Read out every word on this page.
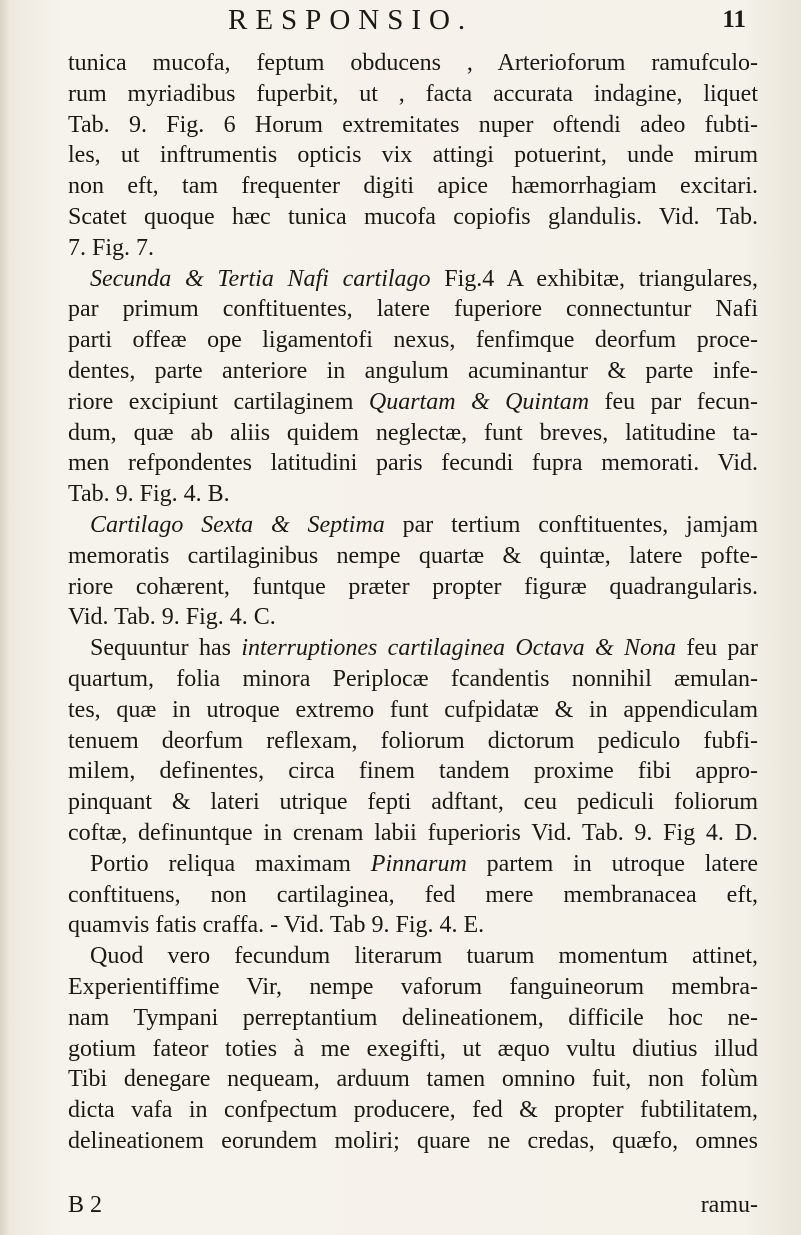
RESPONSIO.	11
tunica mucofa, feptum obducens , Arterioforum ramufculo-
rum myriadibus fuperbit, ut , facta accurata indagine, liquet
Tab. 9. Fig. 6 Horum extremitates nuper oftendi adeo fubti-
les, ut inftrumentis opticis vix attingi potuerint, unde mirum
non eft, tam frequenter digiti apice hæmorrhagiam excitari.
Scatet quoque hæc tunica mucofa copiofis glandulis. Vid. Tab.
7. Fig. 7.
Secunda & Tertia Nafi cartilago Fig.4 A exhibitæ, triangulares,
par primum conftituentes, latere fuperiore connectuntur Nafi
parti offeæ ope ligamentofi nexus, fenfimque deorfum proce-
dentes, parte anteriore in angulum acuminantur & parte infe-
riore excipiunt cartilaginem Quartam & Quintam feu par fecun-
dum, quæ ab aliis quidem neglectæ, funt breves, latitudine ta-
men refpondentes latitudini paris fecundi fupra memorati. Vid.
Tab. 9. Fig. 4. B.
Cartilago Sexta & Septima par tertium conftituentes, jamjam
memoratis cartilaginibus nempe quartæ & quintæ, latere pofte-
riore cohærent, funtque præter propter figuræ quadrangularis.
Vid. Tab. 9. Fig. 4. C.
Sequuntur has interruptiones cartilaginea Octava & Nona feu par
quartum, folia minora Periplocæ fcandentis nonnihil æmulan-
tes, quæ in utroque extremo funt cufpidatæ & in appendiculam
tenuem deorfum reflexam, foliorum dictorum pediculo fubfi-
milem, definentes, circa finem tandem proxime fibi appro-
pinquant & lateri utrique fepti adftant, ceu pediculi foliorum
coftæ, definuntque in crenam labii fuperioris Vid. Tab. 9. Fig 4. D.
Portio reliqua maximam Pinnarum partem in utroque latere
conftituens, non cartilaginea, fed mere membranacea eft,
quamvis fatis craffa. - Vid. Tab 9. Fig. 4. E.
Quod vero fecundum literarum tuarum momentum attinet,
Experientiffime Vir, nempe vaforum fanguineorum membra-
nam Tympani perreptantium delineationem, difficile hoc ne-
gotium fateor toties à me exegifti, ut æquo vultu diutius illud
Tibi denegare nequeam, arduum tamen omnino fuit, non folùm
dicta vafa in confpectum producere, fed & propter fubtilitatem,
delineationem eorundem moliri; quare ne credas, quæfo, omnes
B 2	ramu-
